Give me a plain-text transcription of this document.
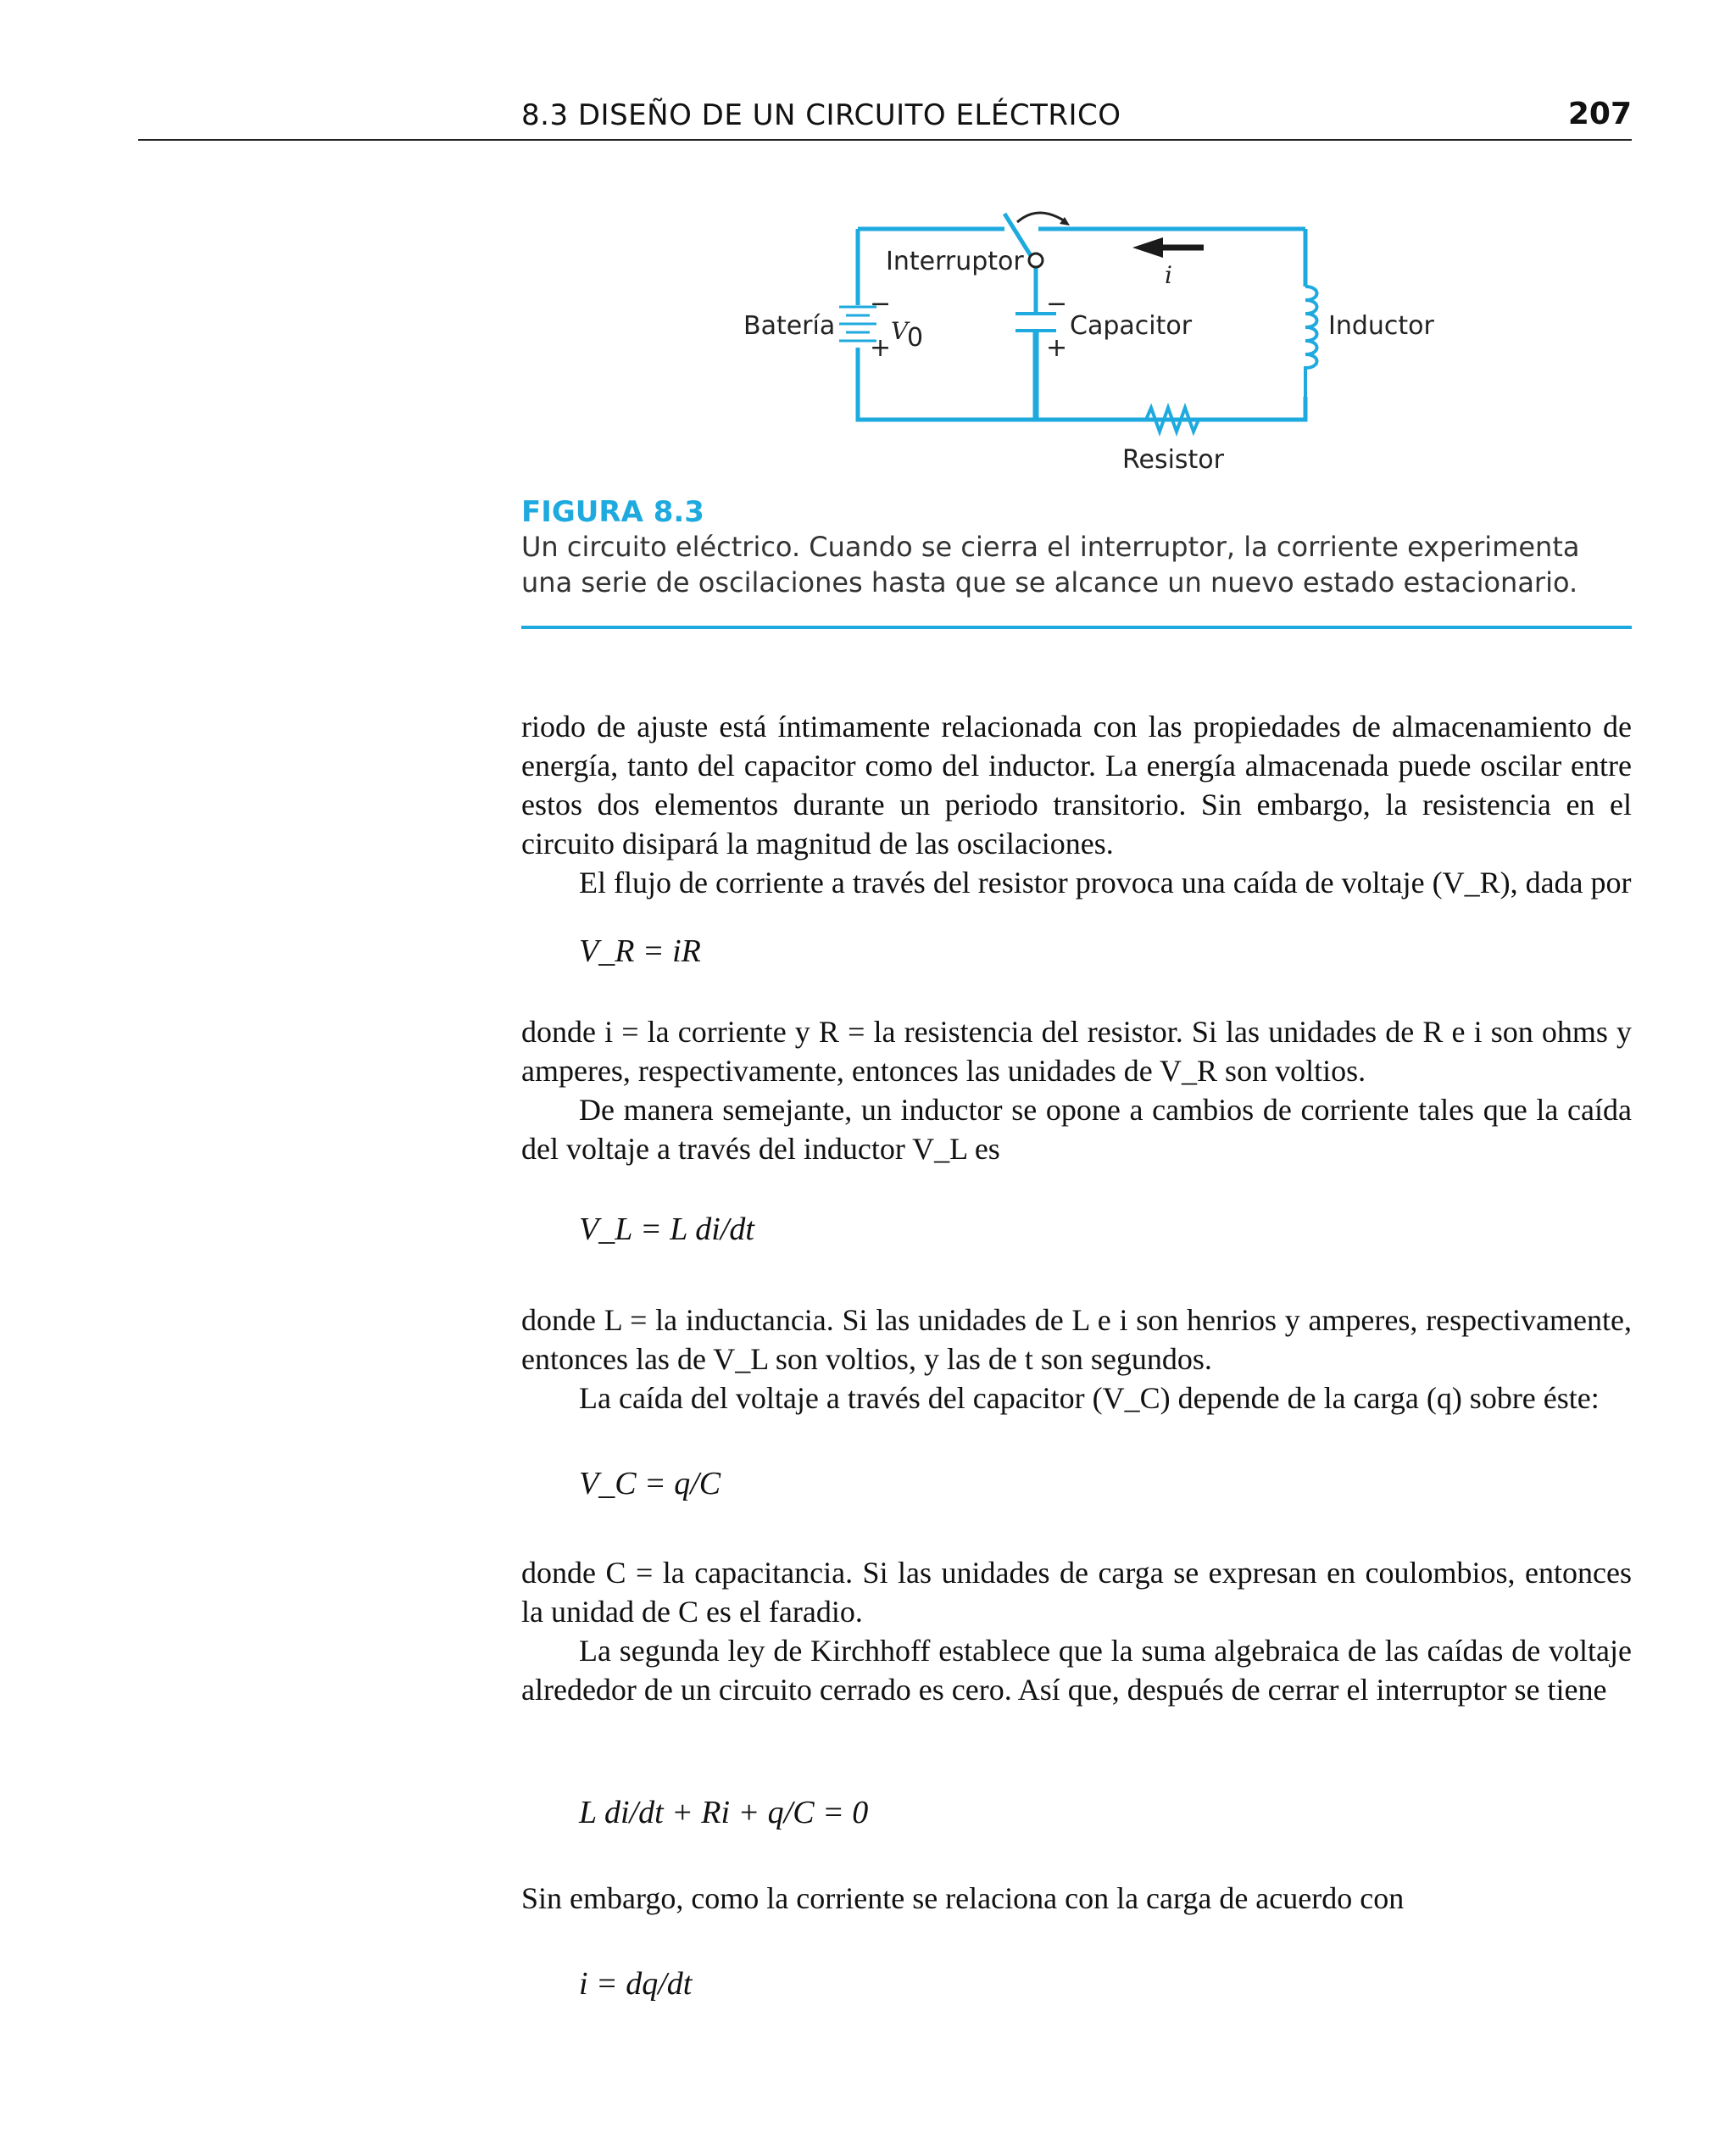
8.3 DISEÑO DE UN CIRCUITO ELÉCTRICO	207
Interruptor
Batería V
0
−
+
−
+
Capacitor	Inductor
Resistor
i
FIGURA 8.3
Un circuito eléctrico. Cuando se cierra el interruptor, la corriente experimenta una serie de oscilaciones hasta que se alcance un nuevo estado estacionario.

riodo de ajuste está íntimamente relacionada con las propiedades de almacenamiento de energía, tanto del capacitor como del inductor. La energía almacenada puede oscilar entre estos dos elementos durante un periodo transitorio. Sin embargo, la resistencia en el circuito disipará la magnitud de las oscilaciones.

El flujo de corriente a través del resistor provoca una caída de voltaje (V_R), dada por

V_R = iR

donde i = la corriente y R = la resistencia del resistor. Si las unidades de R e i son ohms y amperes, respectivamente, entonces las unidades de V_R son voltios.

De manera semejante, un inductor se opone a cambios de corriente tales que la caída del voltaje a través del inductor V_L es

V_L = L di/dt

donde L = la inductancia. Si las unidades de L e i son henrios y amperes, respectivamente, entonces las de V_L son voltios, y las de t son segundos.

La caída del voltaje a través del capacitor (V_C) depende de la carga (q) sobre éste:

V_C = q/C

donde C = la capacitancia. Si las unidades de carga se expresan en coulombios, entonces la unidad de C es el faradio.

La segunda ley de Kirchhoff establece que la suma algebraica de las caídas de voltaje alrededor de un circuito cerrado es cero. Así que, después de cerrar el interruptor se tiene

L di/dt + Ri + q/C = 0

Sin embargo, como la corriente se relaciona con la carga de acuerdo con

i = dq/dt
